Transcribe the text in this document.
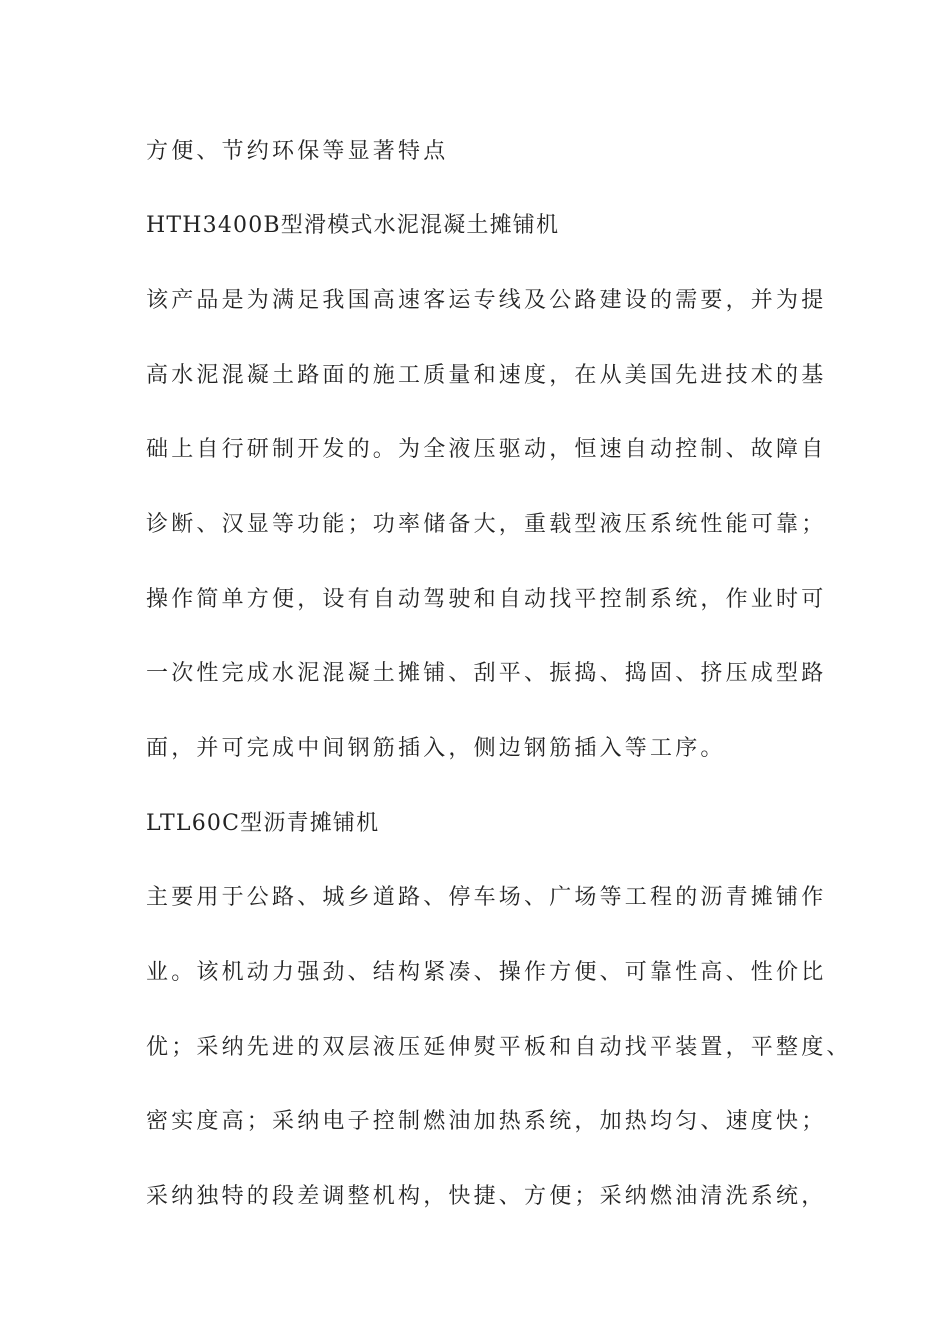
方便、节约环保等显著特点

HTH3400B型滑模式水泥混凝土摊铺机

该产品是为满足我国高速客运专线及公路建设的需要，并为提

高水泥混凝土路面的施工质量和速度，在从美国先进技术的基

础上自行研制开发的。为全液压驱动，恒速自动控制、故障自

诊断、汉显等功能；功率储备大，重载型液压系统性能可靠；

操作简单方便，设有自动驾驶和自动找平控制系统，作业时可

一次性完成水泥混凝土摊铺、刮平、振捣、捣固、挤压成型路

面，并可完成中间钢筋插入，侧边钢筋插入等工序。

LTL60C型沥青摊铺机

主要用于公路、城乡道路、停车场、广场等工程的沥青摊铺作

业。该机动力强劲、结构紧凑、操作方便、可靠性高、性价比

优；采纳先进的双层液压延伸熨平板和自动找平装置，平整度、

密实度高；采纳电子控制燃油加热系统，加热均匀、速度快；

采纳独特的段差调整机构，快捷、方便；采纳燃油清洗系统，
